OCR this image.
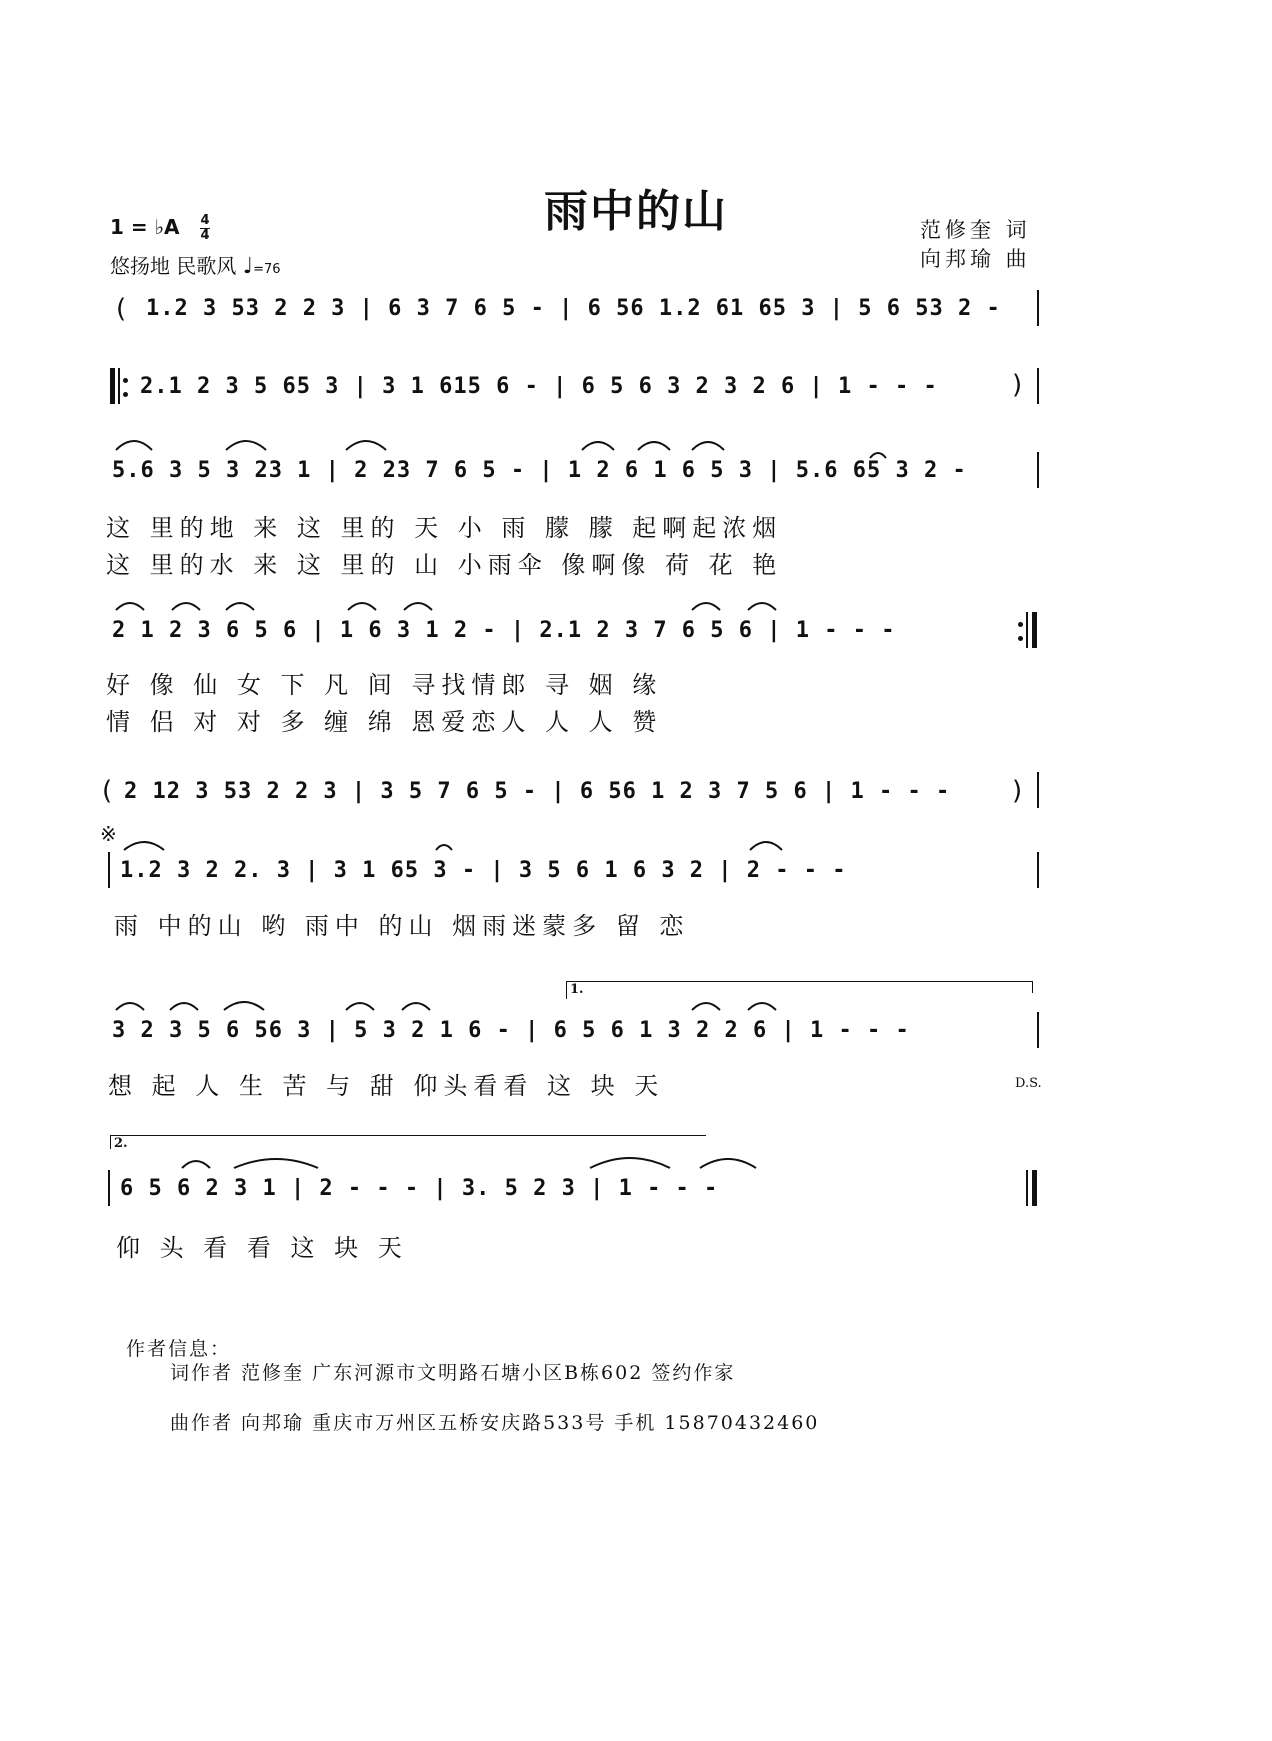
雨中的山
1 = ♭A $\frac{4}{4}$
悠扬地 民歌风 ♩=76
范修奎 词
向邦瑜 曲
( 1.2 3 53 2 2 3 | 6 3 7 6 5 - | 6 56 1.2 61 65 3 | 5 6 53 2 -
2.1 2 3 5 65 3 | 3 1 615 6 - | 6 5 6 3 2 3 2 6 | 1 - - -	)
5.6 3 5 3 23 1 | 2 23 7 6 5 - | 1 2 6 1 6 5 3 | 5.6 65 3 2 -
这 里的地 来 这 里的 天 小 雨 朦 朦 起啊起浓烟
这 里的水 来 这 里的 山 小雨伞 像啊像 荷 花 艳
2 1 2 3 6 5 6 | 1 6 3 1 2 - | 2.1 2 3 7 6 5 6 | 1 - - -
好 像 仙 女 下 凡 间 寻找情郎 寻 姻 缘
情 侣 对 对 多 缠 绵 恩爱恋人 人 人 赞
( 2 12 3 53 2 2 3 | 3 5 7 6 5 - | 6 56 1 2 3 7 5 6 | 1 - - - )
※
1.2 3 2 2. 3 | 3 1 65 3 - | 3 5 6 1 6 3 2 | 2 - - -
雨 中的山 哟 雨中 的山 烟雨迷蒙多 留 恋
1.
3 2 3 5 6 56 3 | 5 3 2 1 6 - | 6 5 6 1 3 2 2 6 | 1 - - -
想 起 人 生 苦 与 甜 仰头看看 这 块 天	D.S.
2.
6 5 6 2 3 1 | 2 - - - | 3. 5 2 3 | 1 - - -
仰 头 看 看 这 块 天
作者信息：
词作者 范修奎 广东河源市文明路石塘小区B栋602 签约作家
曲作者 向邦瑜 重庆市万州区五桥安庆路533号 手机 15870432460
